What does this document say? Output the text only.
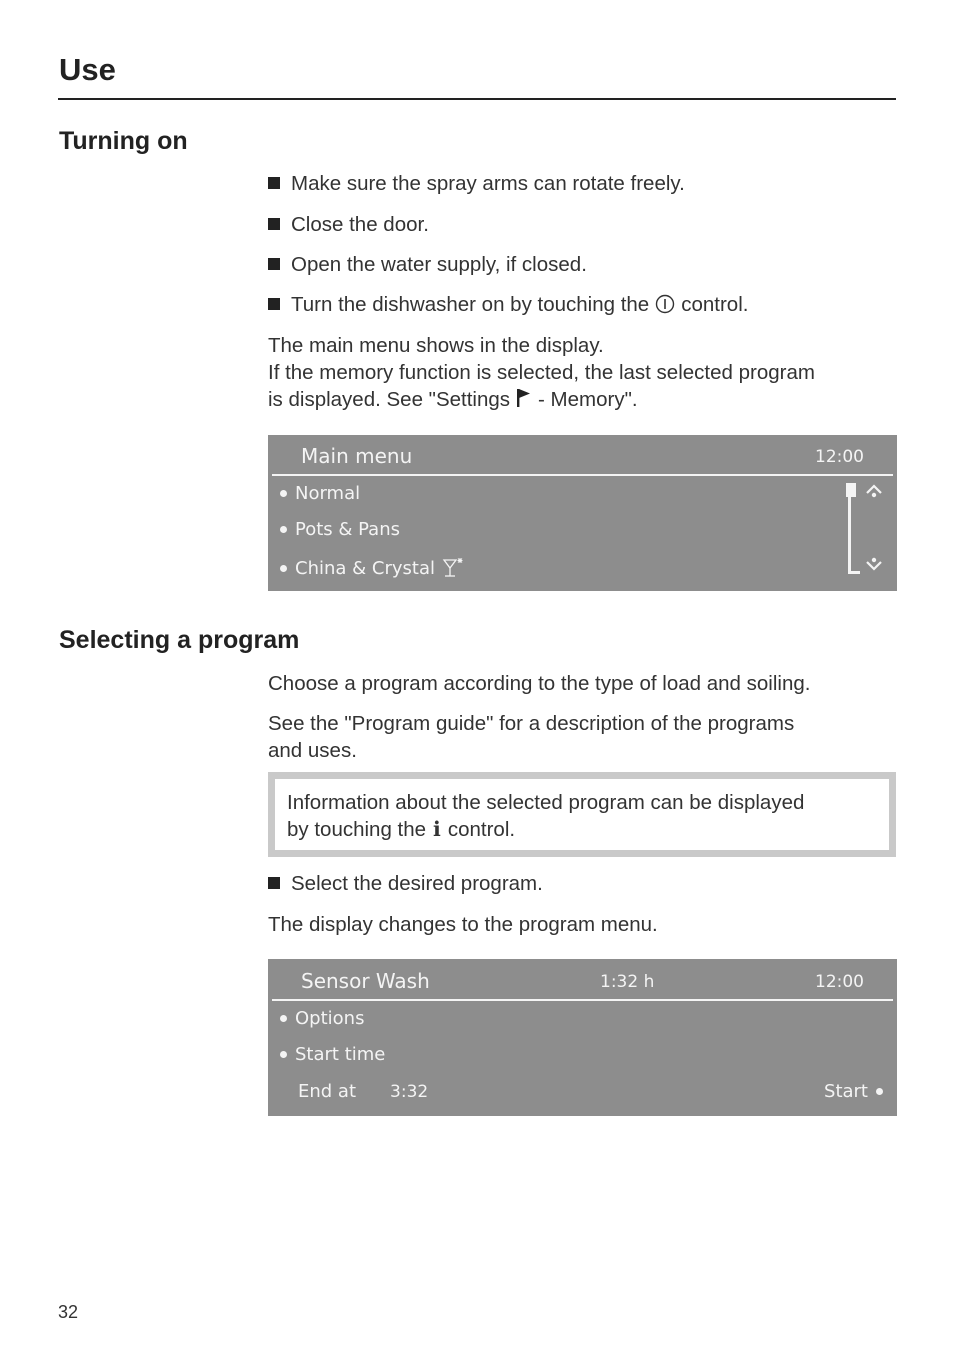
Use
Turning on
Make sure the spray arms can rotate freely.
Close the door.
Open the water supply, if closed.
Turn the dishwasher on by touching the control.
The main menu shows in the display.
If the memory function is selected, the last selected program
is displayed. See "Settings - Memory".
Main menu	12:00
Normal
Pots & Pans
China & Crystal
Selecting a program
Choose a program according to the type of load and soiling.
See the "Program guide" for a description of the programs
and uses.
Information about the selected program can be displayed
by touching the i control.
Select the desired program.
The display changes to the program menu.
Sensor Wash	1:32 h	12:00
Options
Start time
End at 3:32	Start
32
